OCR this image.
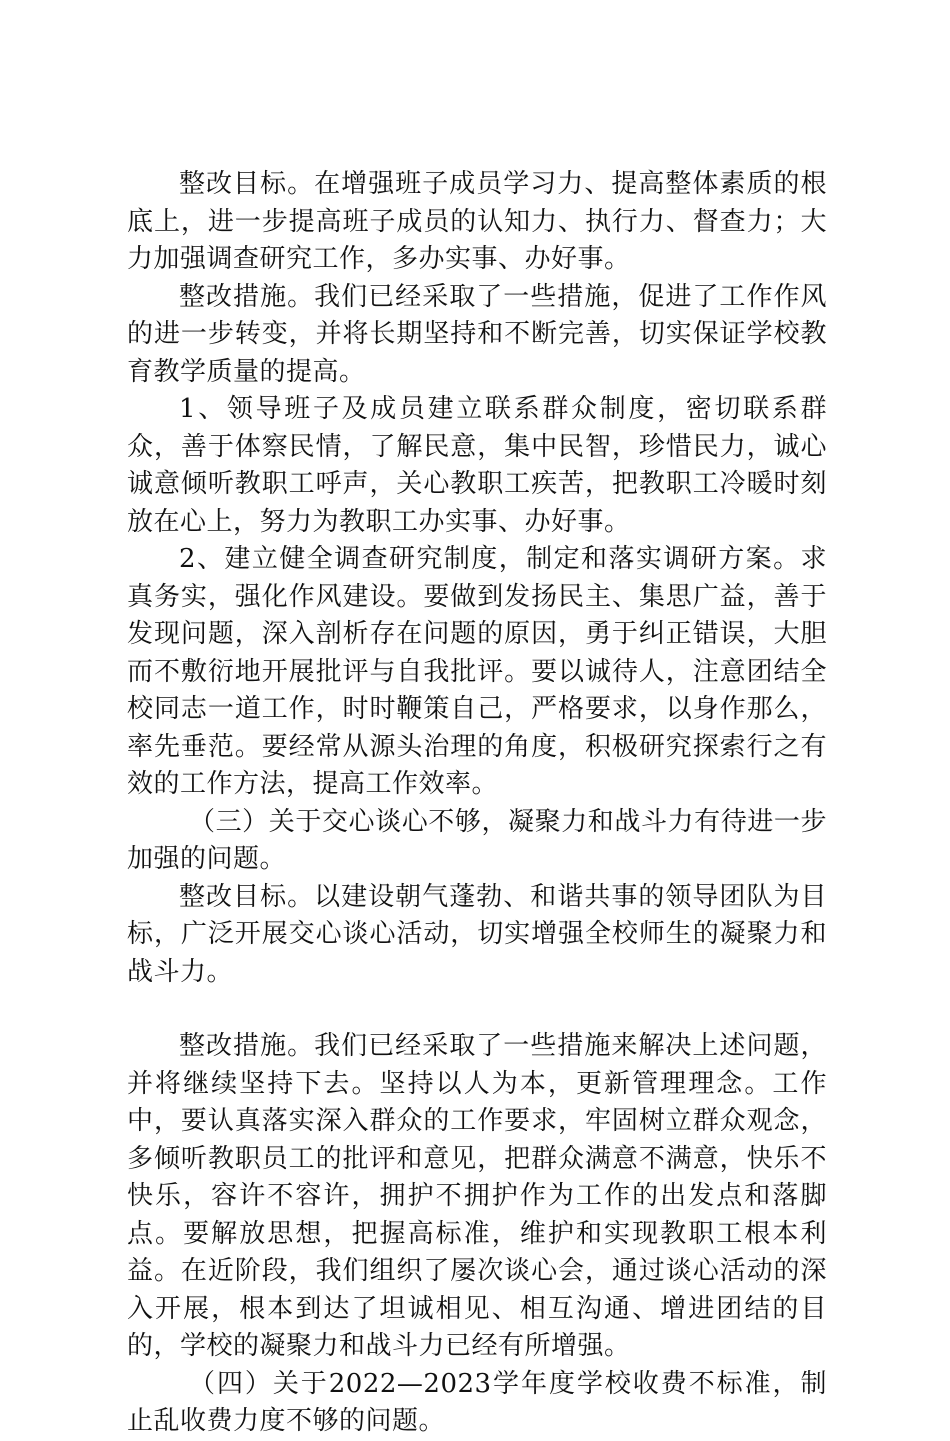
整改目标。在增强班子成员学习力、提高整体素质的根底上，进一步提高班子成员的认知力、执行力、督查力；大力加强调查研究工作，多办实事、办好事。

整改措施。我们已经采取了一些措施，促进了工作作风的进一步转变，并将长期坚持和不断完善，切实保证学校教育教学质量的提高。

1、领导班子及成员建立联系群众制度，密切联系群众，善于体察民情，了解民意，集中民智，珍惜民力，诚心诚意倾听教职工呼声，关心教职工疾苦，把教职工冷暖时刻放在心上，努力为教职工办实事、办好事。

2、建立健全调查研究制度，制定和落实调研方案。求真务实，强化作风建设。要做到发扬民主、集思广益，善于发现问题，深入剖析存在问题的原因，勇于纠正错误，大胆而不敷衍地开展批评与自我批评。要以诚待人，注意团结全校同志一道工作，时时鞭策自己，严格要求，以身作那么，率先垂范。要经常从源头治理的角度，积极研究探索行之有效的工作方法，提高工作效率。

（三）关于交心谈心不够，凝聚力和战斗力有待进一步加强的问题。

整改目标。以建设朝气蓬勃、和谐共事的领导团队为目标，广泛开展交心谈心活动，切实增强全校师生的凝聚力和战斗力。

整改措施。我们已经采取了一些措施来解决上述问题，并将继续坚持下去。坚持以人为本，更新管理理念。工作中，要认真落实深入群众的工作要求，牢固树立群众观念，多倾听教职员工的批评和意见，把群众满意不满意，快乐不快乐，容许不容许，拥护不拥护作为工作的出发点和落脚点。要解放思想，把握高标准，维护和实现教职工根本利益。在近阶段，我们组织了屡次谈心会，通过谈心活动的深入开展，根本到达了坦诚相见、相互沟通、增进团结的目的，学校的凝聚力和战斗力已经有所增强。

（四）关于2022—2023学年度学校收费不标准，制止乱收费力度不够的问题。
